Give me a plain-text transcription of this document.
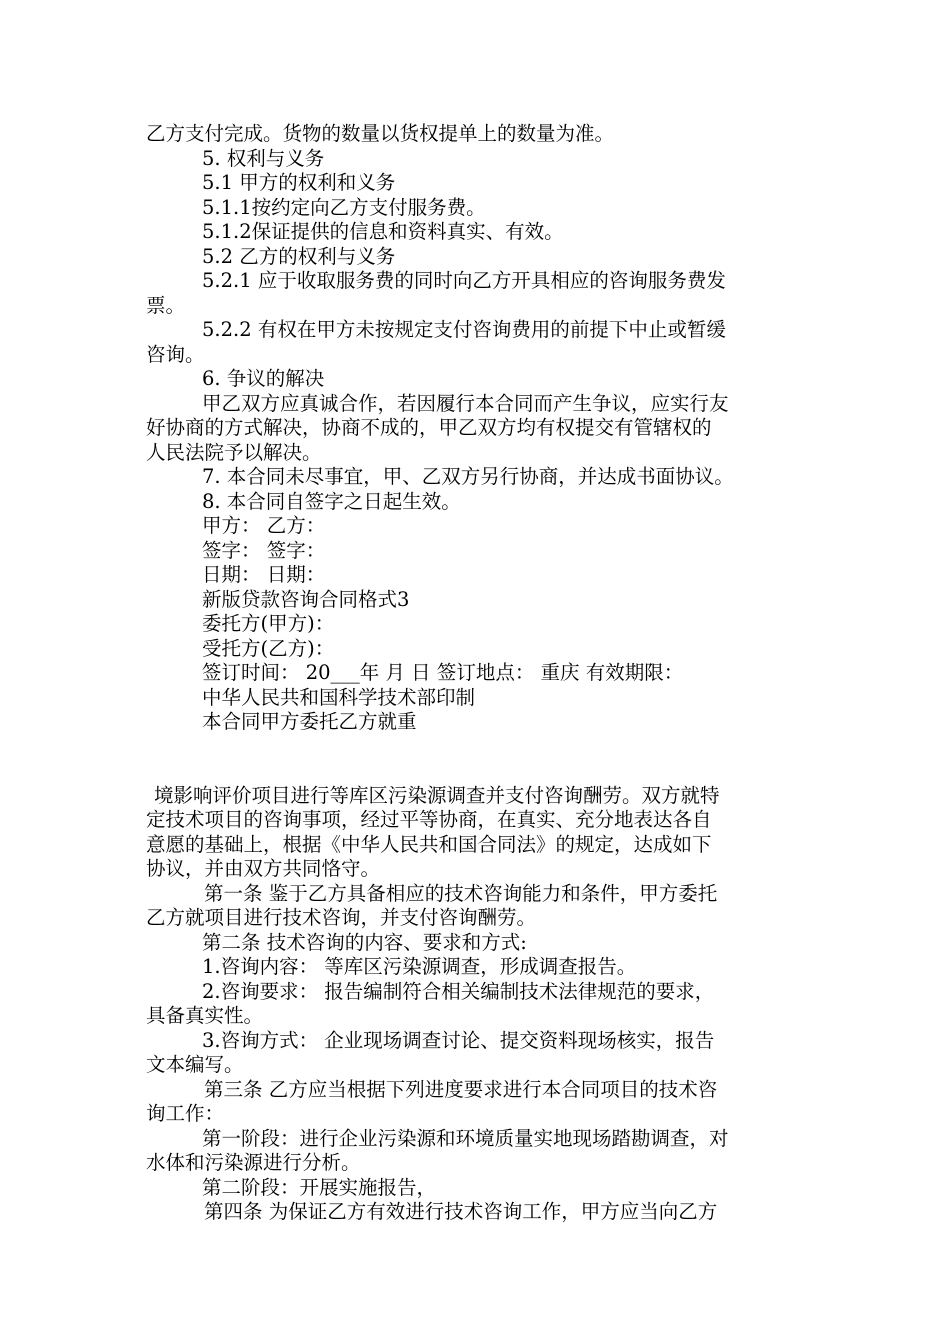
乙方支付完成。货物的数量以货权提单上的数量为准。
5. 权利与义务
5.1 甲方的权利和义务
5.1.1按约定向乙方支付服务费。
5.1.2保证提供的信息和资料真实、有效。
5.2 乙方的权利与义务
5.2.1 应于收取服务费的同时向乙方开具相应的咨询服务费发
票。
5.2.2 有权在甲方未按规定支付咨询费用的前提下中止或暂缓
咨询。
6. 争议的解决
甲乙双方应真诚合作，若因履行本合同而产生争议，应实行友
好协商的方式解决，协商不成的，甲乙双方均有权提交有管辖权的
人民法院予以解决。
7. 本合同未尽事宜，甲、乙双方另行协商，并达成书面协议。
8. 本合同自签字之日起生效。
甲方： 乙方：
签字： 签字：
日期： 日期：
新版贷款咨询合同格式3
委托方(甲方)：
受托方(乙方)：
签订时间： 20___年 月 日 签订地点： 重庆 有效期限：
中华人民共和国科学技术部印制
本合同甲方委托乙方就重
境影响评价项目进行等库区污染源调查并支付咨询酬劳。双方就特
定技术项目的咨询事项，经过平等协商，在真实、充分地表达各自
意愿的基础上，根据《中华人民共和国合同法》的规定，达成如下
协议，并由双方共同恪守。
第一条 鉴于乙方具备相应的技术咨询能力和条件，甲方委托
乙方就项目进行技术咨询，并支付咨询酬劳。
第二条 技术咨询的内容、要求和方式:
1.咨询内容： 等库区污染源调查，形成调查报告。
2.咨询要求： 报告编制符合相关编制技术法律规范的要求，
具备真实性。
3.咨询方式： 企业现场调查讨论、提交资料现场核实，报告
文本编写。
第三条 乙方应当根据下列进度要求进行本合同项目的技术咨
询工作：
第一阶段：进行企业污染源和环境质量实地现场踏勘调查，对
水体和污染源进行分析。
第二阶段：开展实施报告，
第四条 为保证乙方有效进行技术咨询工作，甲方应当向乙方
